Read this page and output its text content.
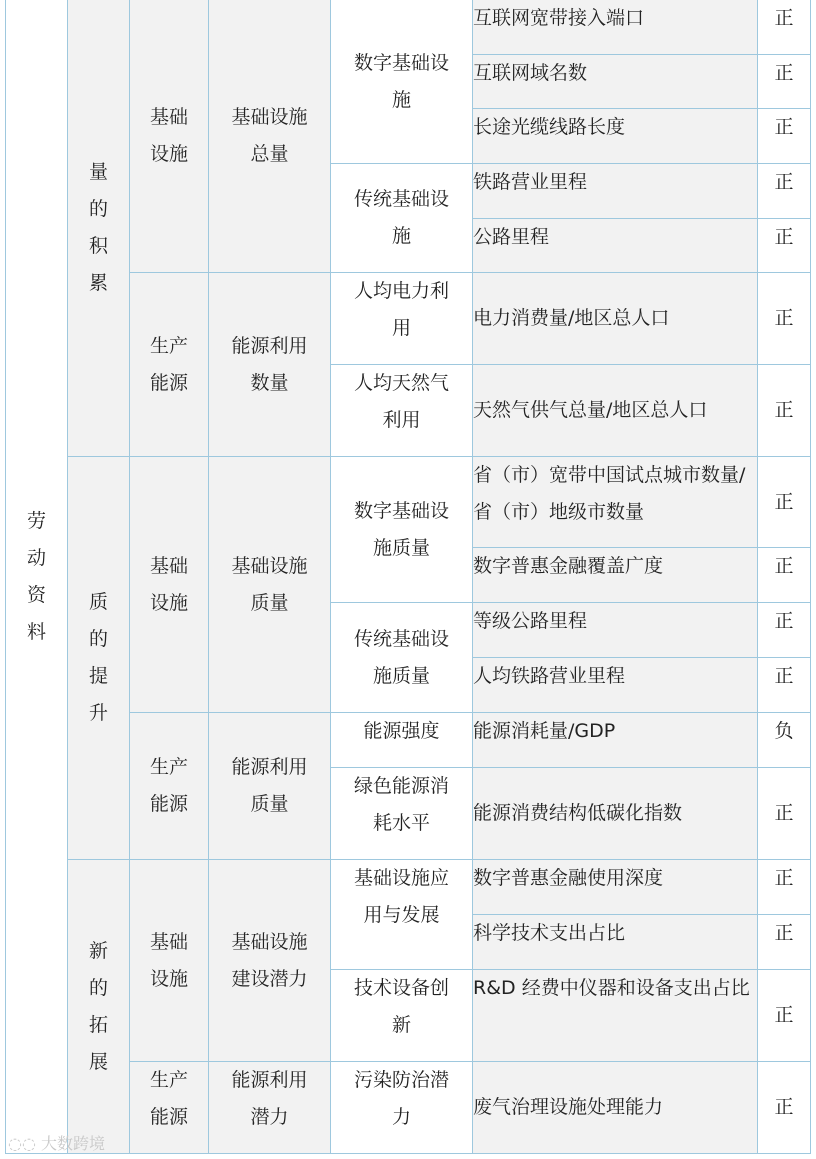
劳动资料	量的积累	基础设施	基础设施总量	数字基础设施	互联网宽带接入端口	正
					互联网域名数	正
					长途光缆线路长度	正
				传统基础设施	铁路营业里程	正
					公路里程	正
		生产能源	能源利用数量	人均电力利用	电力消费量/地区总人口	正
				人均天然气利用	天然气供气总量/地区总人口	正
	质的提升	基础设施	基础设施质量	数字基础设施质量	省（市）宽带中国试点城市数量/省（市）地级市数量	正
					数字普惠金融覆盖广度	正
				传统基础设施质量	等级公路里程	正
					人均铁路营业里程	正
		生产能源	能源利用质量	能源强度	能源消耗量/GDP	负
				绿色能源消耗水平	能源消费结构低碳化指数	正
	新的拓展	基础设施	基础设施建设潜力	基础设施应用与发展	数字普惠金融使用深度	正
					科学技术支出占比	正
				技术设备创新	R&D 经费中仪器和设备支出占比	正
		生产能源	能源利用潜力	污染防治潜力	废气治理设施处理能力	正
◌◌ 大数跨境
